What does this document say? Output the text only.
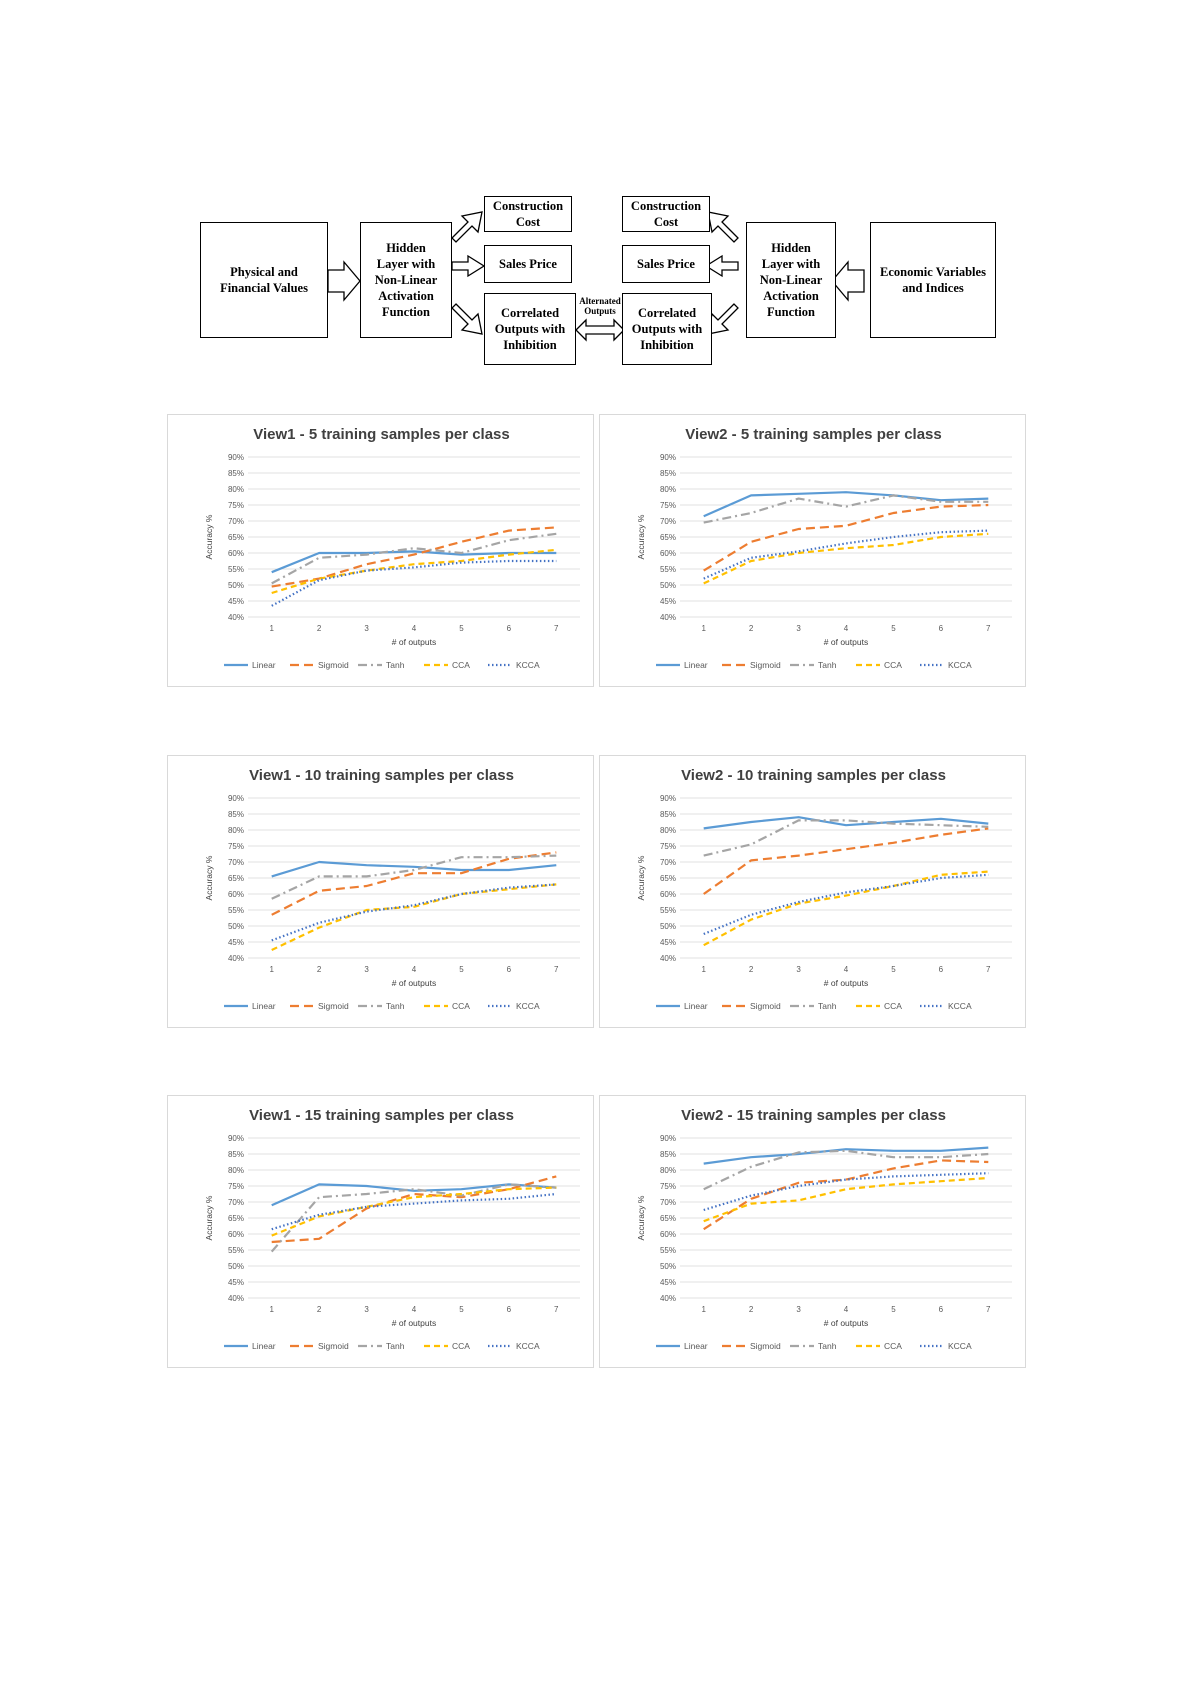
Physical and
Financial Values
Hidden
Layer with
Non-Linear
Activation
Function
Construction
Cost
Sales Price
Correlated
Outputs with
Inhibition
Alternated
Outputs
Construction
Cost
Sales Price
Correlated
Outputs with
Inhibition
Hidden
Layer with
Non-Linear
Activation
Function
Economic Variables
and Indices
View1 - 5 training samples per class
40%
45%
50%
55%
60%
65%
70%
75%
80%
85%
90%
1	2	3	4	5	6	7
# of outputs
Accuracy %
Linear	Sigmoid	Tanh	CCA	KCCA
View2 - 5 training samples per class
40%
45%
50%
55%
60%
65%
70%
75%
80%
85%
90%
1	2	3	4	5	6	7
# of outputs
Accuracy %
Linear	Sigmoid	Tanh	CCA	KCCA
View1 - 10 training samples per class
40%
45%
50%
55%
60%
65%
70%
75%
80%
85%
90%
1	2	3	4	5	6	7
# of outputs
Accuracy %
Linear	Sigmoid	Tanh	CCA	KCCA
View2 - 10 training samples per class
40%
45%
50%
55%
60%
65%
70%
75%
80%
85%
90%
1	2	3	4	5	6	7
# of outputs
Accuracy %
Linear	Sigmoid	Tanh	CCA	KCCA
View1 - 15 training samples per class
40%
45%
50%
55%
60%
65%
70%
75%
80%
85%
90%
1	2	3	4	5	6	7
# of outputs
Accuracy %
Linear	Sigmoid	Tanh	CCA	KCCA
View2 - 15 training samples per class
40%
45%
50%
55%
60%
65%
70%
75%
80%
85%
90%
1	2	3	4	5	6	7
# of outputs
Accuracy %
Linear	Sigmoid	Tanh	CCA	KCCA
